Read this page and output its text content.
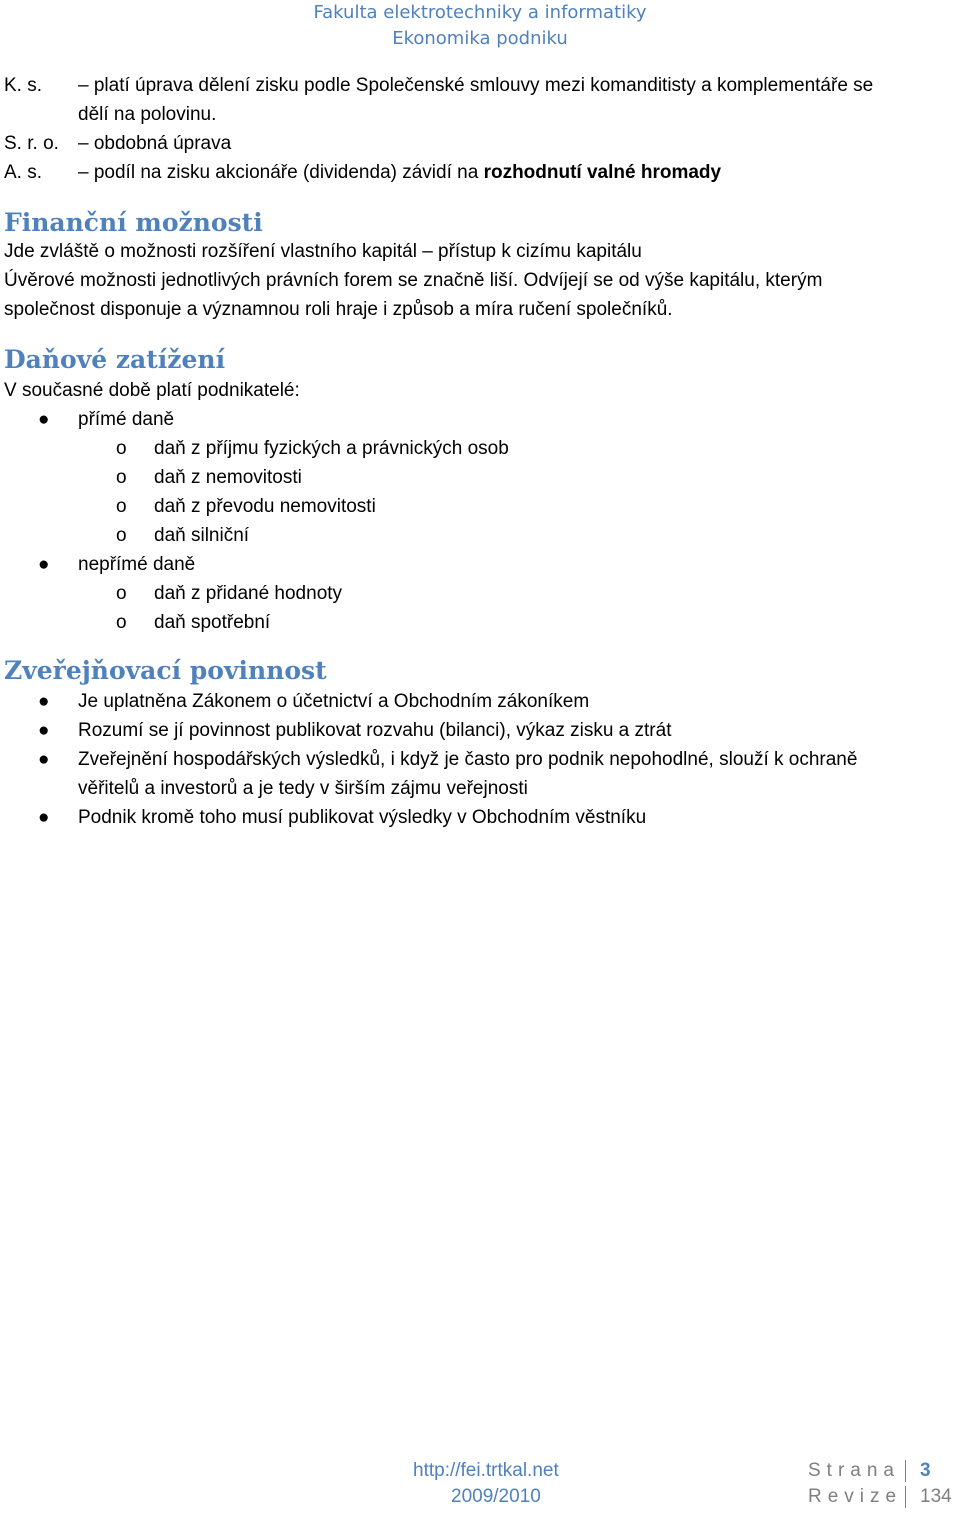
Fakulta elektrotechniky a informatiky
Ekonomika podniku
K. s. – platí úprava dělení zisku podle Společenské smlouvy mezi komanditisty a komplementáře se
dělí na polovinu.
S. r. o. – obdobná úprava
A. s. – podíl na zisku akcionáře (dividenda) závidí na rozhodnutí valné hromady
Finanční možnosti

Jde zvláště o možnosti rozšíření vlastního kapitál – přístup k cizímu kapitálu

Úvěrové možnosti jednotlivých právních forem se značně liší. Odvíjejí se od výše kapitálu, kterým

společnost disponuje a významnou roli hraje i způsob a míra ručení společníků.

Daňové zatížení
V současné době platí podnikatelé:
● přímé daně
o daň z příjmu fyzických a právnických osob
o daň z nemovitosti
o daň z převodu nemovitosti
o daň silniční
● nepřímé daně
o daň z přidané hodnoty
o daň spotřební
Zveřejňovací povinnost
● Je uplatněna Zákonem o účetnictví a Obchodním zákoníkem
● Rozumí se jí povinnost publikovat rozvahu (bilanci), výkaz zisku a ztrát
● Zveřejnění hospodářských výsledků, i když je často pro podnik nepohodlné, slouží k ochraně
věřitelů a investorů a je tedy v širším zájmu veřejnosti
● Podnik kromě toho musí publikovat výsledky v Obchodním věstníku
http://fei.trtkal.net
2009/2010
Strana 3
Revize 134
